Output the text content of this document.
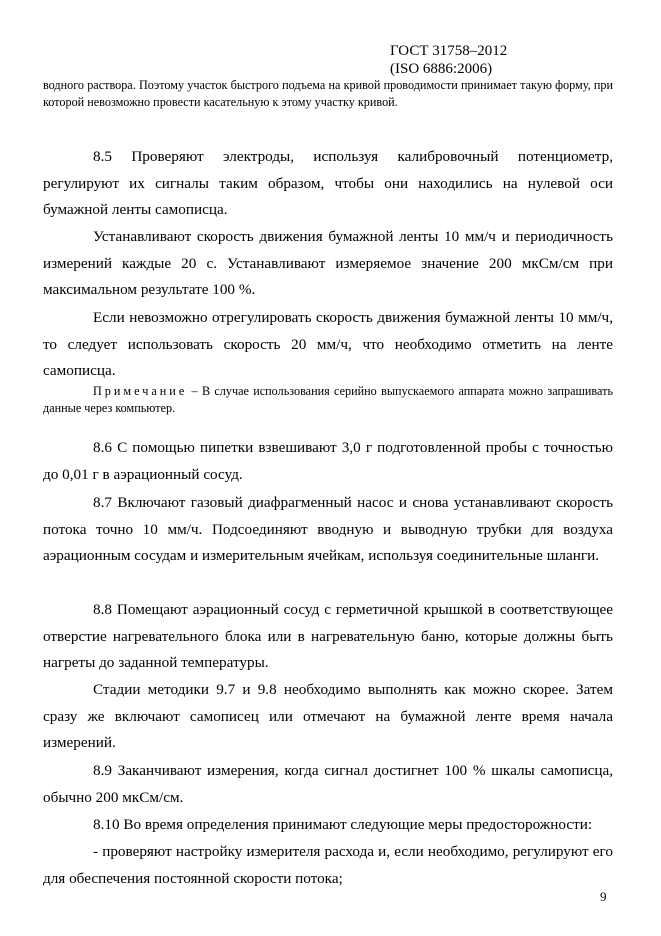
ГОСТ 31758–2012
(ISO 6886:2006)

водного раствора. Поэтому участок быстрого подъема на кривой проводимости принимает такую форму, при которой невозможно провести касательную к этому участку кривой.

8.5 Проверяют электроды, используя калибровочный потенциометр, регулируют их сигналы таким образом, чтобы они находились на нулевой оси бумажной ленты самописца.

Устанавливают скорость движения бумажной ленты 10 мм/ч и периодичность измерений каждые 20 с. Устанавливают измеряемое значение 200 мкСм/см при максимальном результате 100 %.

Если невозможно отрегулировать скорость движения бумажной ленты 10 мм/ч, то следует использовать скорость 20 мм/ч, что необходимо отметить на ленте самописца.

Примечание – В случае использования серийно выпускаемого аппарата можно запрашивать данные через компьютер.

8.6 С помощью пипетки взвешивают 3,0 г подготовленной пробы с точностью до 0,01 г в аэрационный сосуд.

8.7 Включают газовый диафрагменный насос и снова устанавливают скорость потока точно 10 мм/ч. Подсоединяют вводную и выводную трубки для воздуха аэрационным сосудам и измерительным ячейкам, используя соединительные шланги.

8.8 Помещают аэрационный сосуд с герметичной крышкой в соответствующее отверстие нагревательного блока или в нагревательную баню, которые должны быть нагреты до заданной температуры.

Стадии методики 9.7 и 9.8 необходимо выполнять как можно скорее. Затем сразу же включают самописец или отмечают на бумажной ленте время начала измерений.

8.9 Заканчивают измерения, когда сигнал достигнет 100 % шкалы самописца, обычно 200 мкСм/см.

8.10 Во время определения принимают следующие меры предосторожности:

- проверяют настройку измерителя расхода и, если необходимо, регулируют его для обеспечения постоянной скорости потока;

9
